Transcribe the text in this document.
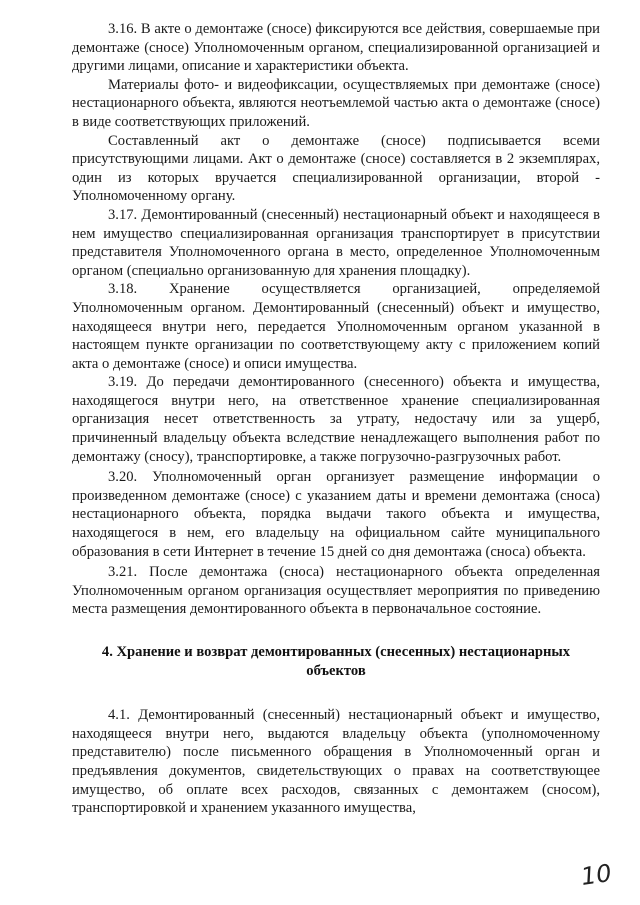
3.16. В акте о демонтаже (сносе) фиксируются все действия, совершаемые при демонтаже (сносе) Уполномоченным органом, специализированной организацией и другими лицами, описание и характеристики объекта.

Материалы фото- и видеофиксации, осуществляемых при демонтаже (сносе) нестационарного объекта, являются неотъемлемой частью акта о демонтаже (сносе) в виде соответствующих приложений.

Составленный акт о демонтаже (сносе) подписывается всеми присутствующими лицами. Акт о демонтаже (сносе) составляется в 2 экземплярах, один из которых вручается специализированной организации, второй - Уполномоченному органу.

3.17. Демонтированный (снесенный) нестационарный объект и находящееся в нем имущество специализированная организация транспортирует в присутствии представителя Уполномоченного органа в место, определенное Уполномоченным органом (специально организованную для хранения площадку).

3.18. Хранение осуществляется организацией, определяемой Уполномоченным органом. Демонтированный (снесенный) объект и имущество, находящееся внутри него, передается Уполномоченным органом указанной в настоящем пункте организации по соответствующему акту с приложением копий акта о демонтаже (сносе) и описи имущества.

3.19. До передачи демонтированного (снесенного) объекта и имущества, находящегося внутри него, на ответственное хранение специализированная организация несет ответственность за утрату, недостачу или за ущерб, причиненный владельцу объекта вследствие ненадлежащего выполнения работ по демонтажу (сносу), транспортировке, а также погрузочно-разгрузочных работ.

3.20. Уполномоченный орган организует размещение информации о произведенном демонтаже (сносе) с указанием даты и времени демонтажа (сноса) нестационарного объекта, порядка выдачи такого объекта и имущества, находящегося в нем, его владельцу на официальном сайте муниципального образования в сети Интернет в течение 15 дней со дня демонтажа (сноса) объекта.

3.21. После демонтажа (сноса) нестационарного объекта определенная Уполномоченным органом организация осуществляет мероприятия по приведению места размещения демонтированного объекта в первоначальное состояние.

4. Хранение и возврат демонтированных (снесенных) нестационарных объектов

4.1. Демонтированный (снесенный) нестационарный объект и имущество, находящееся внутри него, выдаются владельцу объекта (уполномоченному представителю) после письменного обращения в Уполномоченный орган и предъявления документов, свидетельствующих о правах на соответствующее имущество, об оплате всех расходов, связанных с демонтажем (сносом), транспортировкой и хранением указанного имущества,

10
